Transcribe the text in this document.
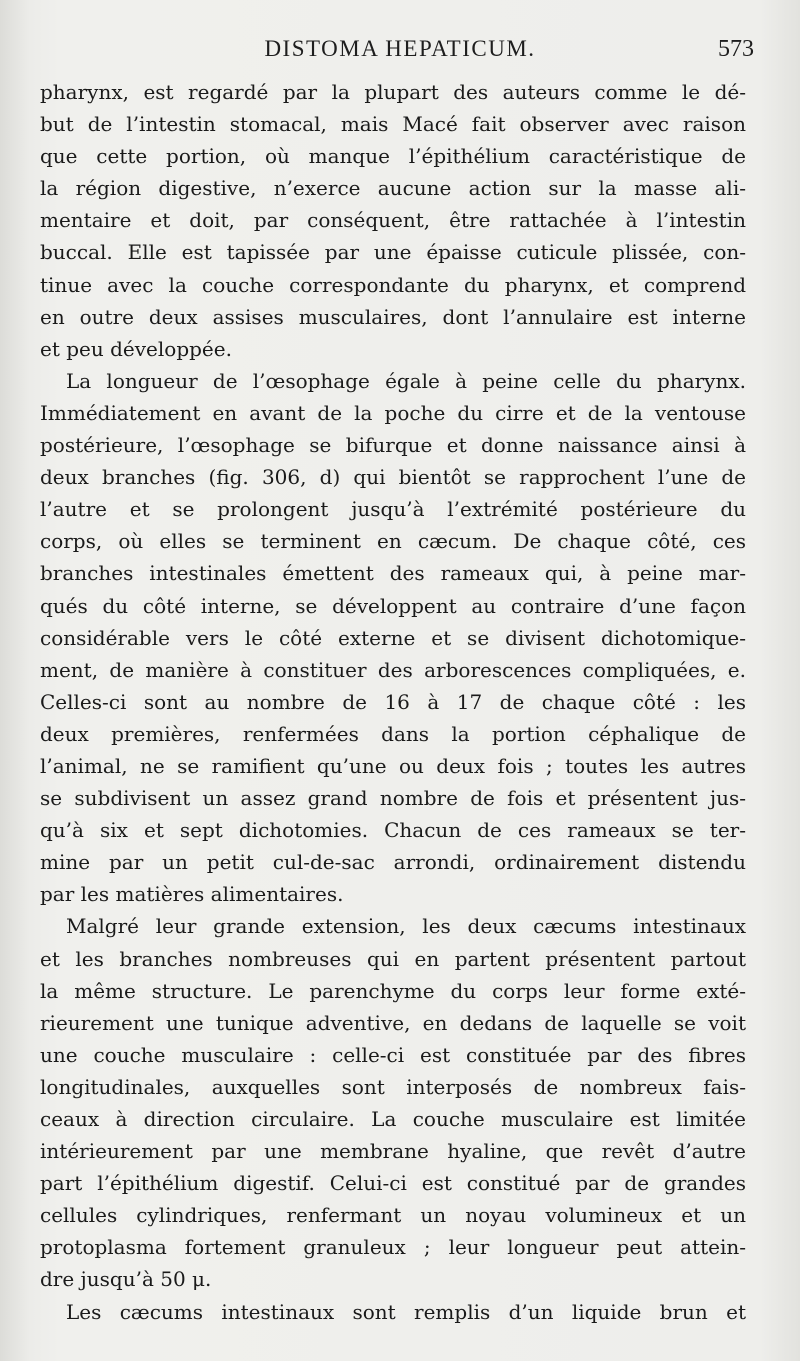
DISTOMA HEPATICUM.	573
pharynx, est regardé par la plupart des auteurs comme le dé-
but de l’intestin stomacal, mais Macé fait observer avec raison
que cette portion, où manque l’épithélium caractéristique de
la région digestive, n’exerce aucune action sur la masse ali-
mentaire et doit, par conséquent, être rattachée à l’intestin
buccal. Elle est tapissée par une épaisse cuticule plissée, con-
tinue avec la couche correspondante du pharynx, et comprend
en outre deux assises musculaires, dont l’annulaire est interne
et peu développée.
La longueur de l’œsophage égale à peine celle du pharynx.
Immédiatement en avant de la poche du cirre et de la ventouse
postérieure, l’œsophage se bifurque et donne naissance ainsi à
deux branches (fig. 306, d) qui bientôt se rapprochent l’une de
l’autre et se prolongent jusqu’à l’extrémité postérieure du
corps, où elles se terminent en cæcum. De chaque côté, ces
branches intestinales émettent des rameaux qui, à peine mar-
qués du côté interne, se développent au contraire d’une façon
considérable vers le côté externe et se divisent dichotomique-
ment, de manière à constituer des arborescences compliquées, e.
Celles-ci sont au nombre de 16 à 17 de chaque côté : les
deux premières, renfermées dans la portion céphalique de
l’animal, ne se ramifient qu’une ou deux fois ; toutes les autres
se subdivisent un assez grand nombre de fois et présentent jus-
qu’à six et sept dichotomies. Chacun de ces rameaux se ter-
mine par un petit cul-de-sac arrondi, ordinairement distendu
par les matières alimentaires.
Malgré leur grande extension, les deux cæcums intestinaux
et les branches nombreuses qui en partent présentent partout
la même structure. Le parenchyme du corps leur forme exté-
rieurement une tunique adventive, en dedans de laquelle se voit
une couche musculaire : celle-ci est constituée par des fibres
longitudinales, auxquelles sont interposés de nombreux fais-
ceaux à direction circulaire. La couche musculaire est limitée
intérieurement par une membrane hyaline, que revêt d’autre
part l’épithélium digestif. Celui-ci est constitué par de grandes
cellules cylindriques, renfermant un noyau volumineux et un
protoplasma fortement granuleux ; leur longueur peut attein-
dre jusqu’à 50 μ.
Les cæcums intestinaux sont remplis d’un liquide brun et
